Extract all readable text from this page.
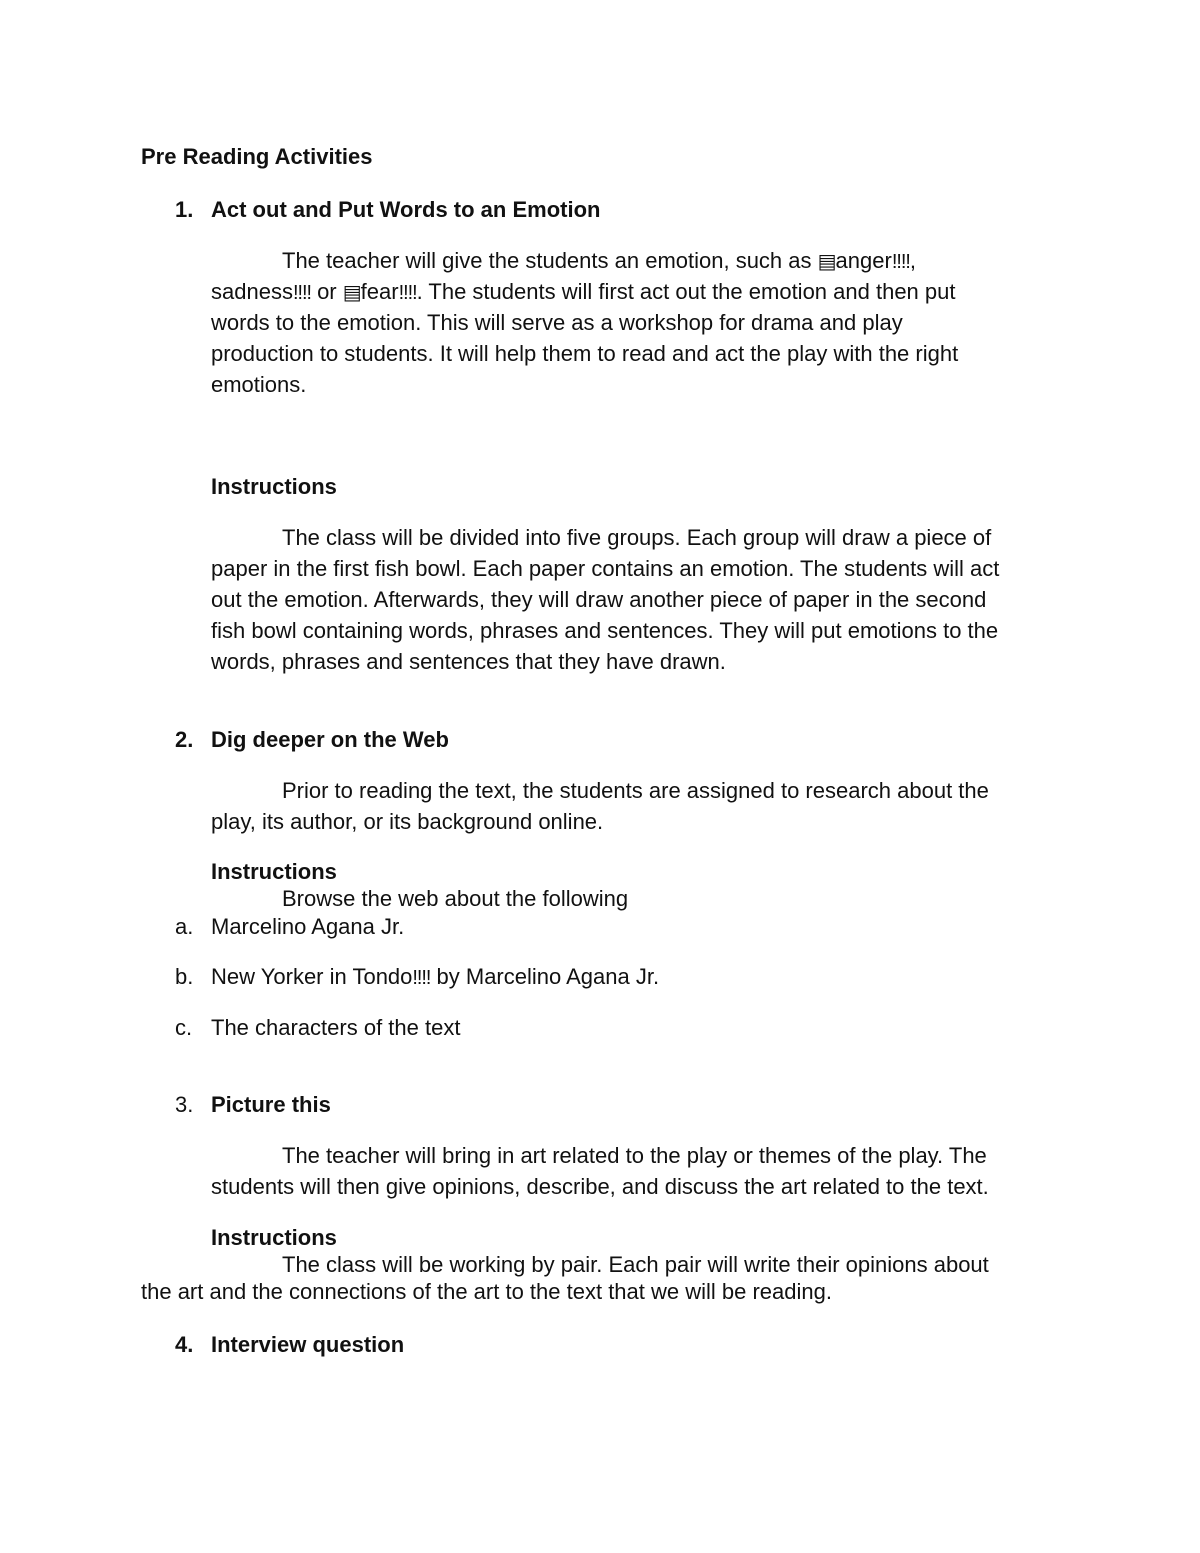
Pre Reading Activities
1. Act out and Put Words to an Emotion
The teacher will give the students an emotion, such as ▤anger‼‼,
sadness‼‼ or ▤fear‼‼. The students will first act out the emotion and then put
words to the emotion. This will serve as a workshop for drama and play
production to students. It will help them to read and act the play with the right
emotions.
Instructions
The class will be divided into five groups. Each group will draw a piece of
paper in the first fish bowl. Each paper contains an emotion. The students will act
out the emotion. Afterwards, they will draw another piece of paper in the second
fish bowl containing words, phrases and sentences. They will put emotions to the
words, phrases and sentences that they have drawn.
2. Dig deeper on the Web
Prior to reading the text, the students are assigned to research about the
play, its author, or its background online.
Instructions
Browse the web about the following
a. Marcelino Agana Jr.
b. New Yorker in Tondo‼‼ by Marcelino Agana Jr.
c. The characters of the text
3. Picture this
The teacher will bring in art related to the play or themes of the play. The
students will then give opinions, describe, and discuss the art related to the text.
Instructions
The class will be working by pair. Each pair will write their opinions about
the art and the connections of the art to the text that we will be reading.
4. Interview question
